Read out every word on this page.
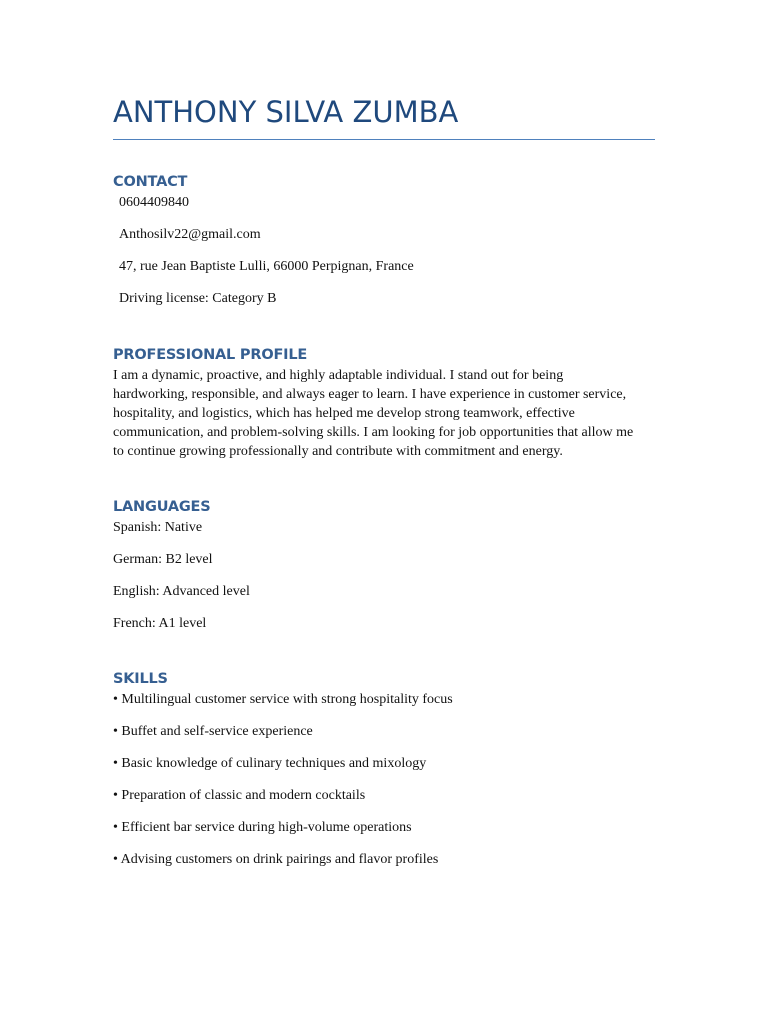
ANTHONY SILVA ZUMBA
CONTACT
0604409840
Anthosilv22@gmail.com
47, rue Jean Baptiste Lulli, 66000 Perpignan, France
Driving license: Category B
PROFESSIONAL PROFILE

I am a dynamic, proactive, and highly adaptable individual. I stand out for being
hardworking, responsible, and always eager to learn. I have experience in customer service,
hospitality, and logistics, which has helped me develop strong teamwork, effective
communication, and problem-solving skills. I am looking for job opportunities that allow me
to continue growing professionally and contribute with commitment and energy.

LANGUAGES
Spanish: Native
German: B2 level
English: Advanced level
French: A1 level
SKILLS
• Multilingual customer service with strong hospitality focus
• Buffet and self-service experience
• Basic knowledge of culinary techniques and mixology
• Preparation of classic and modern cocktails
• Efficient bar service during high-volume operations
• Advising customers on drink pairings and flavor profiles
